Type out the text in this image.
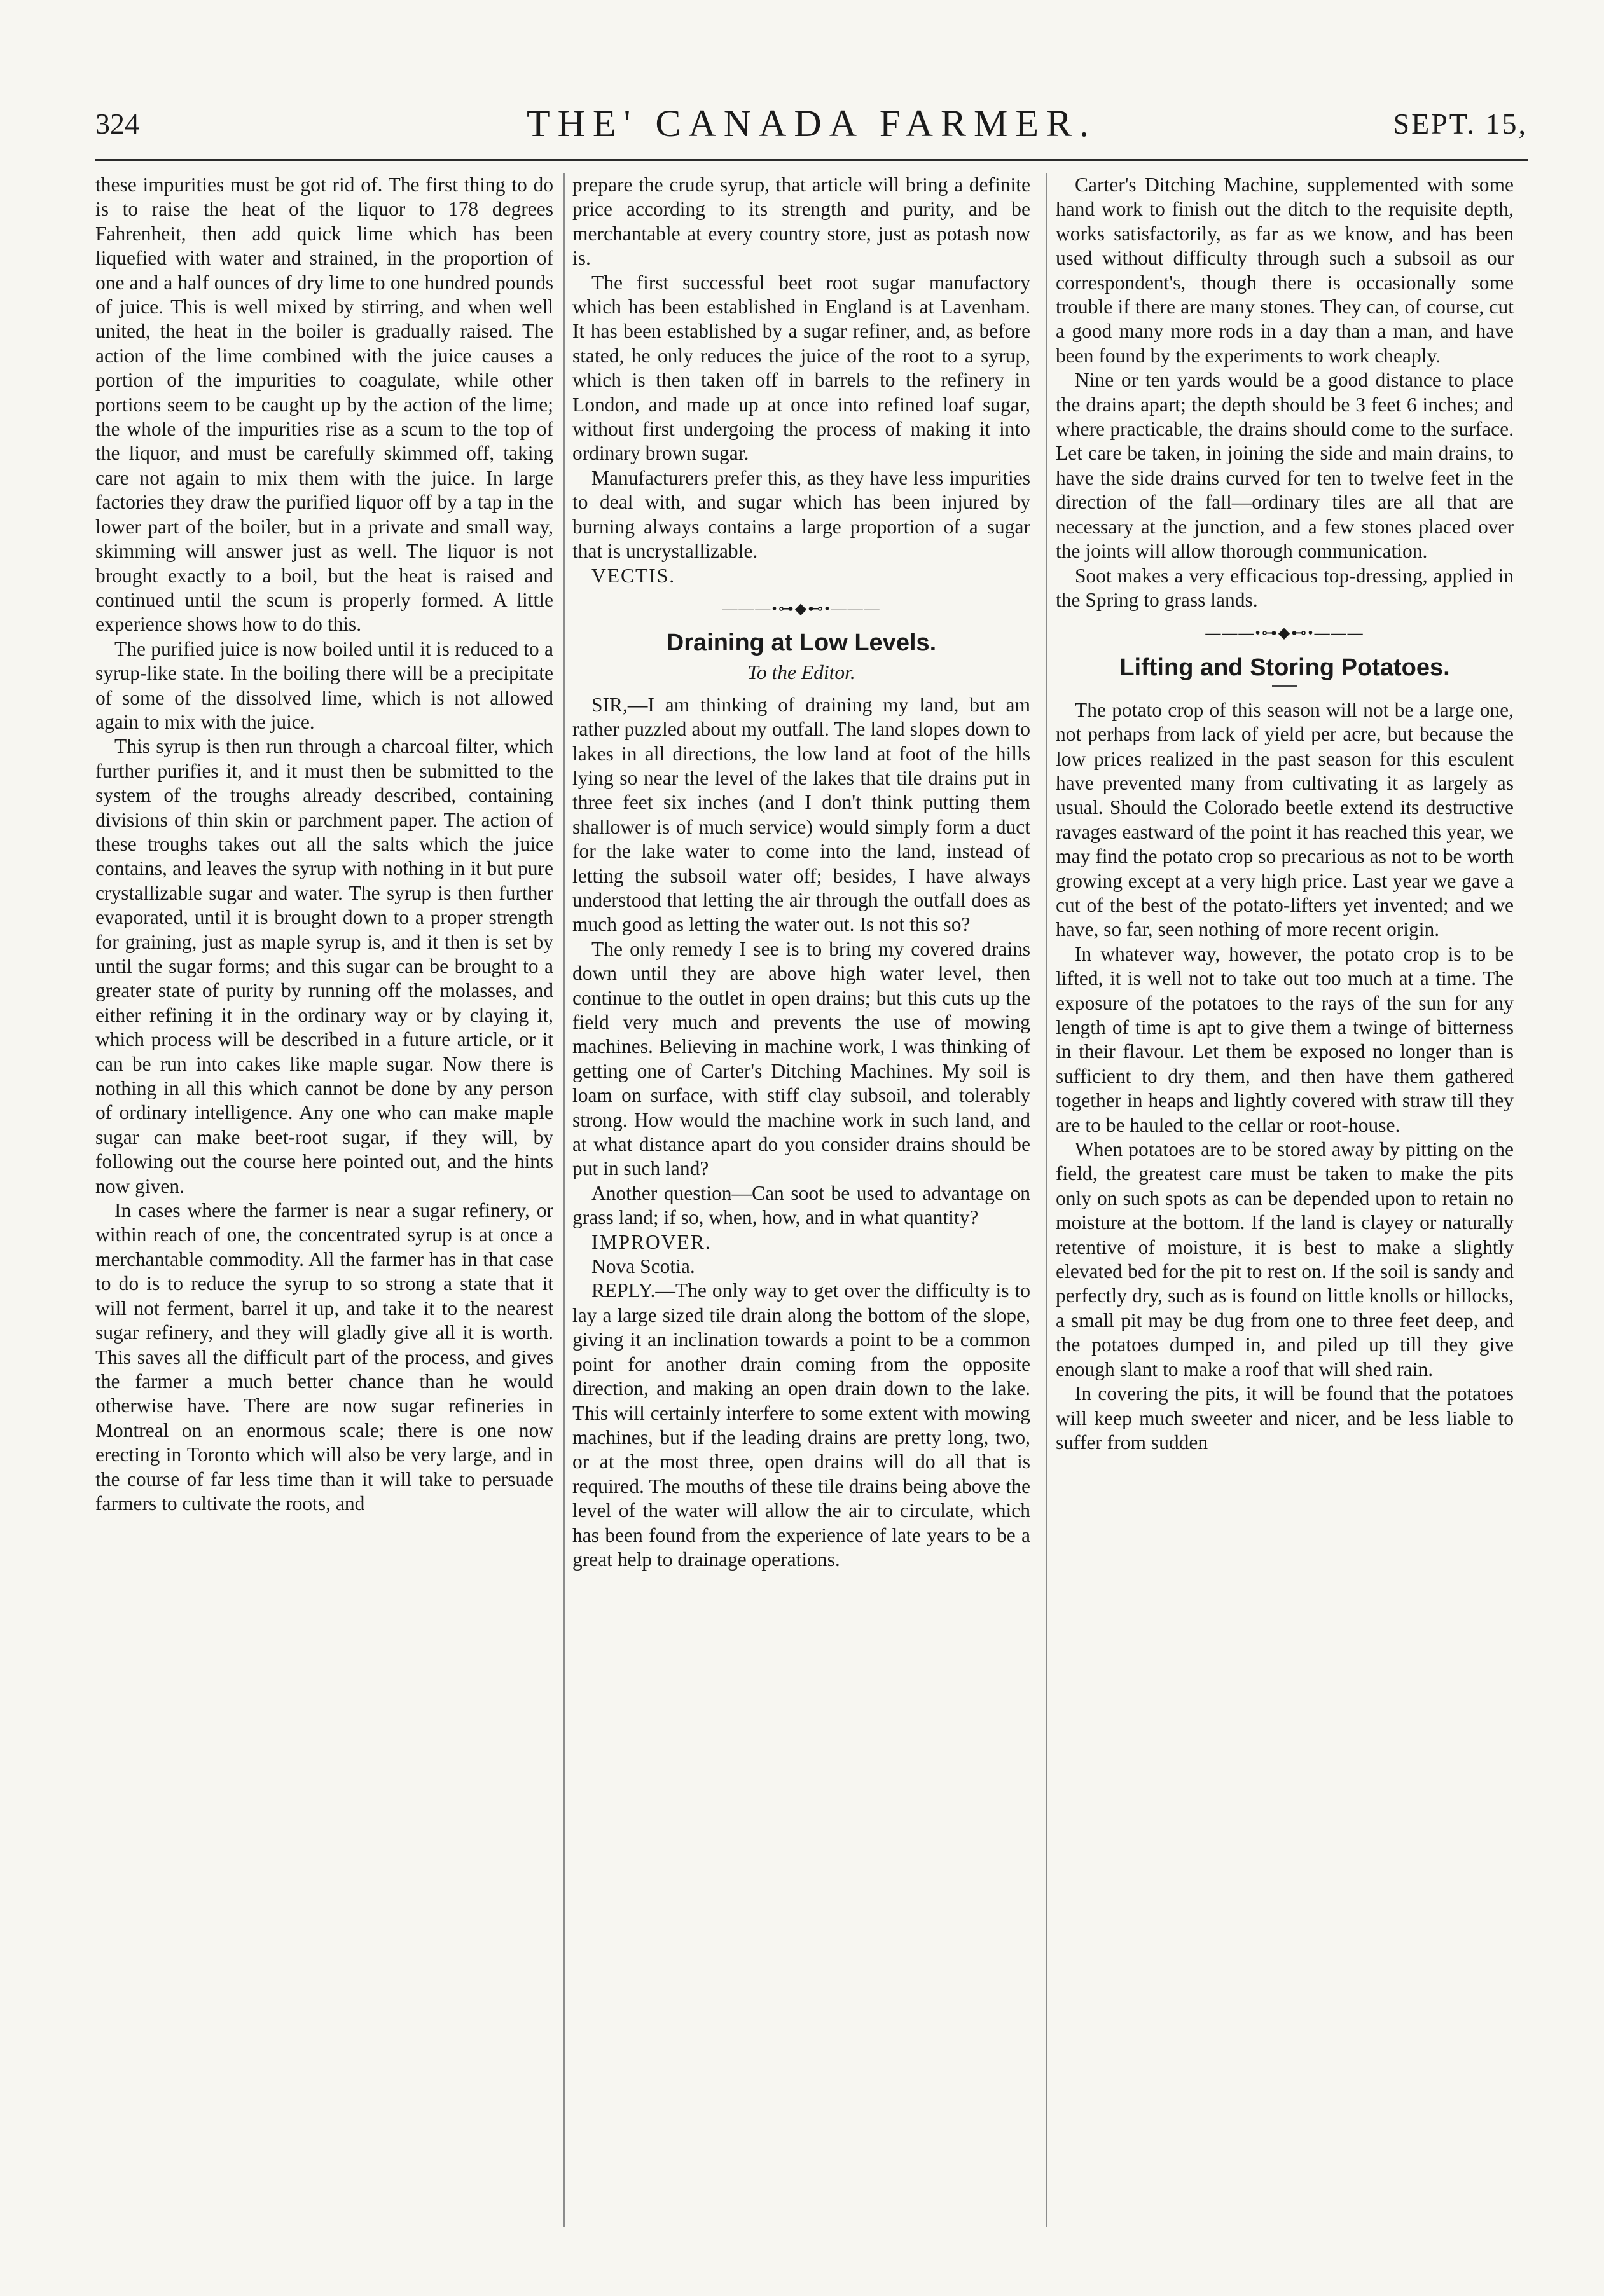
324	THE' CANADA FARMER.	SEPT. 15,

these impurities must be got rid of. The first thing to do is to raise the heat of the liquor to 178 degrees Fahrenheit, then add quick lime which has been liquefied with water and strained, in the proportion of one and a half ounces of dry lime to one hundred pounds of juice. This is well mixed by stirring, and when well united, the heat in the boiler is gradually raised. The action of the lime combined with the juice causes a portion of the impurities to coagulate, while other portions seem to be caught up by the action of the lime; the whole of the impurities rise as a scum to the top of the liquor, and must be carefully skimmed off, taking care not again to mix them with the juice. In large factories they draw the purified liquor off by a tap in the lower part of the boiler, but in a private and small way, skimming will answer just as well. The liquor is not brought exactly to a boil, but the heat is raised and continued until the scum is properly formed. A little experience shows how to do this.

The purified juice is now boiled until it is reduced to a syrup-like state. In the boiling there will be a precipitate of some of the dissolved lime, which is not allowed again to mix with the juice.

This syrup is then run through a charcoal filter, which further purifies it, and it must then be submitted to the system of the troughs already described, containing divisions of thin skin or parchment paper. The action of these troughs takes out all the salts which the juice contains, and leaves the syrup with nothing in it but pure crystallizable sugar and water. The syrup is then further evaporated, until it is brought down to a proper strength for graining, just as maple syrup is, and it then is set by until the sugar forms; and this sugar can be brought to a greater state of purity by running off the molasses, and either refining it in the ordinary way or by claying it, which process will be described in a future article, or it can be run into cakes like maple sugar. Now there is nothing in all this which cannot be done by any person of ordinary intelligence. Any one who can make maple sugar can make beet-root sugar, if they will, by following out the course here pointed out, and the hints now given.

In cases where the farmer is near a sugar refinery, or within reach of one, the concentrated syrup is at once a merchantable commodity. All the farmer has in that case to do is to reduce the syrup to so strong a state that it will not ferment, barrel it up, and take it to the nearest sugar refinery, and they will gladly give all it is worth. This saves all the difficult part of the process, and gives the farmer a much better chance than he would otherwise have. There are now sugar refineries in Montreal on an enormous scale; there is one now erecting in Toronto which will also be very large, and in the course of far less time than it will take to persuade farmers to cultivate the roots, and

prepare the crude syrup, that article will bring a definite price according to its strength and purity, and be merchantable at every country store, just as potash now is.

The first successful beet root sugar manufactory which has been established in England is at Lavenham. It has been established by a sugar refiner, and, as before stated, he only reduces the juice of the root to a syrup, which is then taken off in barrels to the refinery in London, and made up at once into refined loaf sugar, without first undergoing the process of making it into ordinary brown sugar.

Manufacturers prefer this, as they have less impurities to deal with, and sugar which has been injured by burning always contains a large proportion of a sugar that is uncrystallizable.

VECTIS.

———•⊶◆⊷•———
Draining at Low Levels.
To the Editor.

SIR,—I am thinking of draining my land, but am rather puzzled about my outfall. The land slopes down to lakes in all directions, the low land at foot of the hills lying so near the level of the lakes that tile drains put in three feet six inches (and I don't think putting them shallower is of much service) would simply form a duct for the lake water to come into the land, instead of letting the subsoil water off; besides, I have always understood that letting the air through the outfall does as much good as letting the water out. Is not this so?

The only remedy I see is to bring my covered drains down until they are above high water level, then continue to the outlet in open drains; but this cuts up the field very much and prevents the use of mowing machines. Believing in machine work, I was thinking of getting one of Carter's Ditching Machines. My soil is loam on surface, with stiff clay subsoil, and tolerably strong. How would the machine work in such land, and at what distance apart do you consider drains should be put in such land?

Another question—Can soot be used to advantage on grass land; if so, when, how, and in what quantity?

IMPROVER.

Nova Scotia.

REPLY.—The only way to get over the difficulty is to lay a large sized tile drain along the bottom of the slope, giving it an inclination towards a point to be a common point for another drain coming from the opposite direction, and making an open drain down to the lake. This will certainly interfere to some extent with mowing machines, but if the leading drains are pretty long, two, or at the most three, open drains will do all that is required. The mouths of these tile drains being above the level of the water will allow the air to circulate, which has been found from the experience of late years to be a great help to drainage operations.

Carter's Ditching Machine, supplemented with some hand work to finish out the ditch to the requisite depth, works satisfactorily, as far as we know, and has been used without difficulty through such a subsoil as our correspondent's, though there is occasionally some trouble if there are many stones. They can, of course, cut a good many more rods in a day than a man, and have been found by the experiments to work cheaply.

Nine or ten yards would be a good distance to place the drains apart; the depth should be 3 feet 6 inches; and where practicable, the drains should come to the surface. Let care be taken, in joining the side and main drains, to have the side drains curved for ten to twelve feet in the direction of the fall—ordinary tiles are all that are necessary at the junction, and a few stones placed over the joints will allow thorough communication.

Soot makes a very efficacious top-dressing, applied in the Spring to grass lands.

———•⊶◆⊷•———
Lifting and Storing Potatoes.

The potato crop of this season will not be a large one, not perhaps from lack of yield per acre, but because the low prices realized in the past season for this esculent have prevented many from cultivating it as largely as usual. Should the Colorado beetle extend its destructive ravages eastward of the point it has reached this year, we may find the potato crop so precarious as not to be worth growing except at a very high price. Last year we gave a cut of the best of the potato-lifters yet invented; and we have, so far, seen nothing of more recent origin.

In whatever way, however, the potato crop is to be lifted, it is well not to take out too much at a time. The exposure of the potatoes to the rays of the sun for any length of time is apt to give them a twinge of bitterness in their flavour. Let them be exposed no longer than is sufficient to dry them, and then have them gathered together in heaps and lightly covered with straw till they are to be hauled to the cellar or root-house.

When potatoes are to be stored away by pitting on the field, the greatest care must be taken to make the pits only on such spots as can be depended upon to retain no moisture at the bottom. If the land is clayey or naturally retentive of moisture, it is best to make a slightly elevated bed for the pit to rest on. If the soil is sandy and perfectly dry, such as is found on little knolls or hillocks, a small pit may be dug from one to three feet deep, and the potatoes dumped in, and piled up till they give enough slant to make a roof that will shed rain.

In covering the pits, it will be found that the potatoes will keep much sweeter and nicer, and be less liable to suffer from sudden
